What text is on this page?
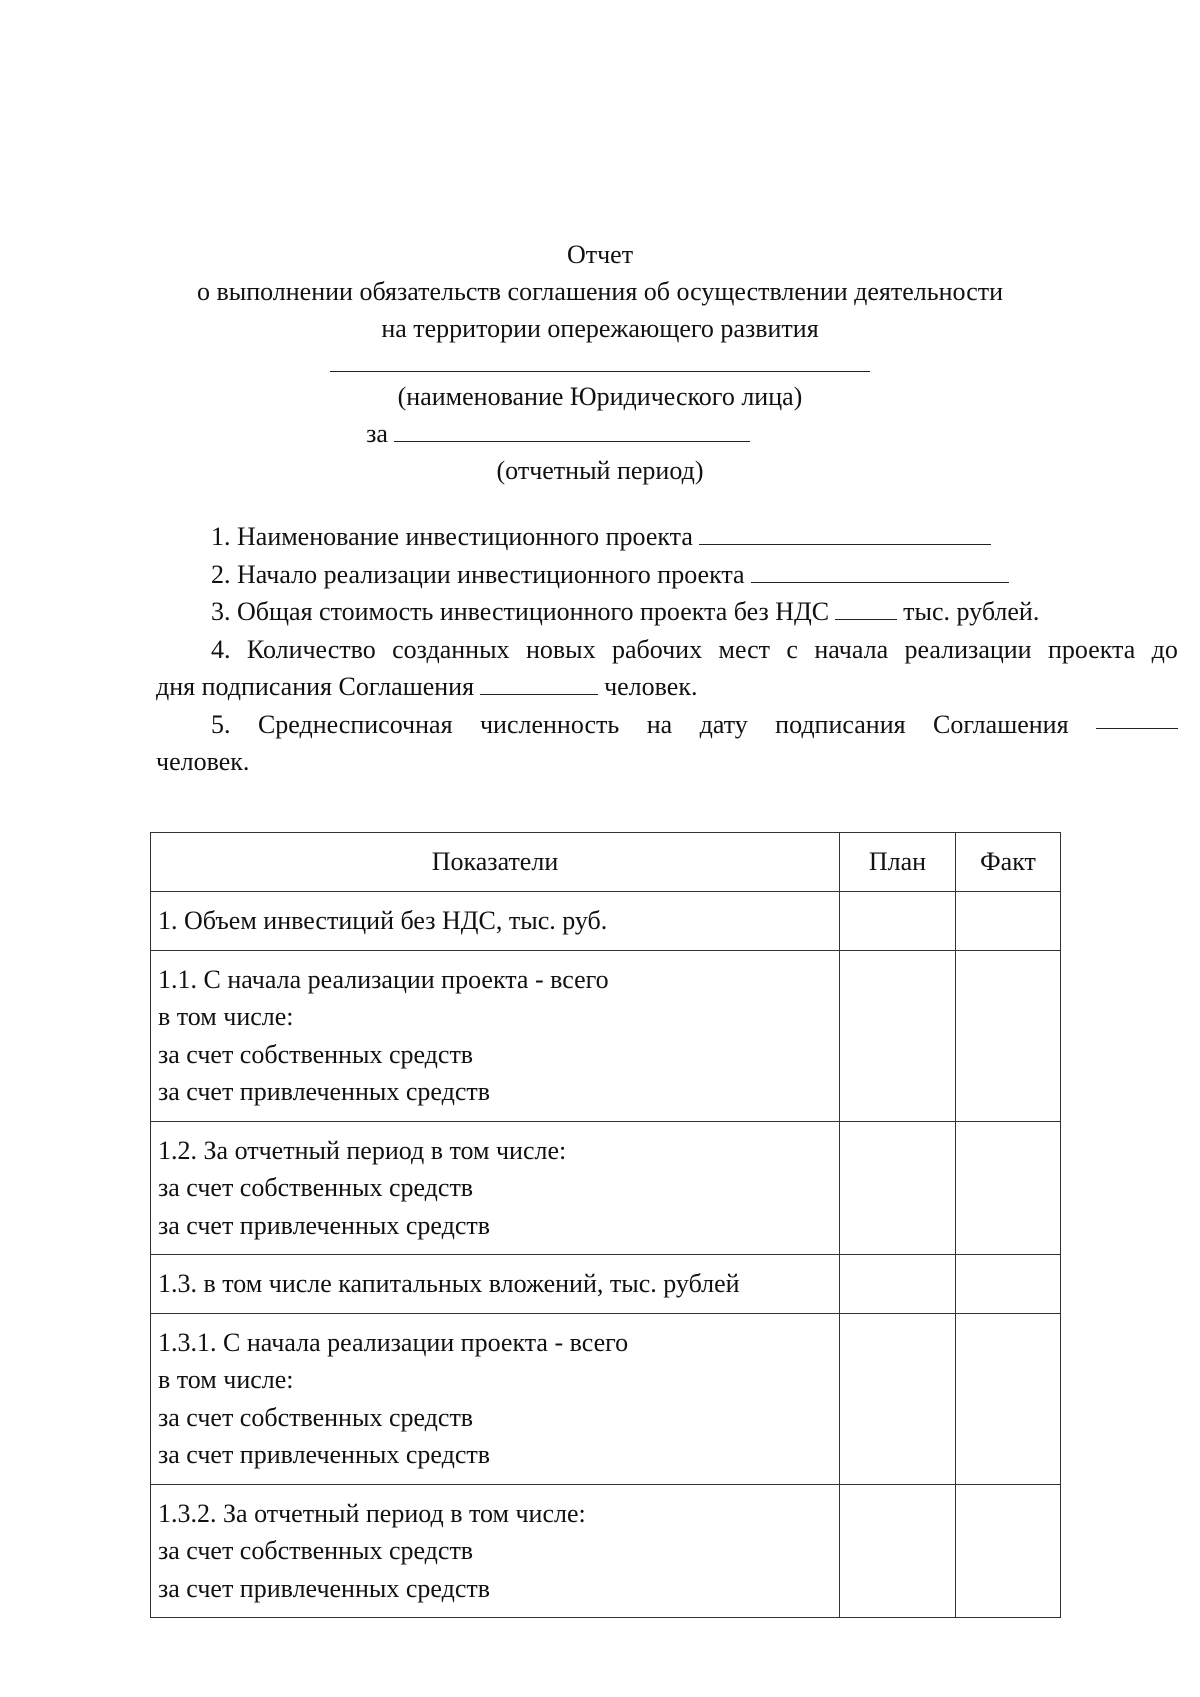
Отчет
о выполнении обязательств соглашения об осуществлении деятельности
на территории опережающего развития
(наименование Юридического лица)
за
(отчетный период)
1. Наименование инвестиционного проекта
2. Начало реализации инвестиционного проекта
3. Общая стоимость инвестиционного проекта без НДС	тыс. рублей.
4. Количество созданных новых рабочих мест с начала реализации проекта до
дня подписания Соглашения	человек.
5. Среднесписочная численность на дату подписания Соглашения
человек.
Показатели	План	Факт

1. Объем инвестиций без НДС, тыс. руб.		

1.1. С начала реализации проекта - всего
в том числе:
за счет собственных средств
за счет привлеченных средств		

1.2. За отчетный период в том числе:
за счет собственных средств
за счет привлеченных средств		

1.3. в том числе капитальных вложений, тыс. рублей		

1.3.1. С начала реализации проекта - всего
в том числе:
за счет собственных средств
за счет привлеченных средств		

1.3.2. За отчетный период в том числе:
за счет собственных средств
за счет привлеченных средств		
